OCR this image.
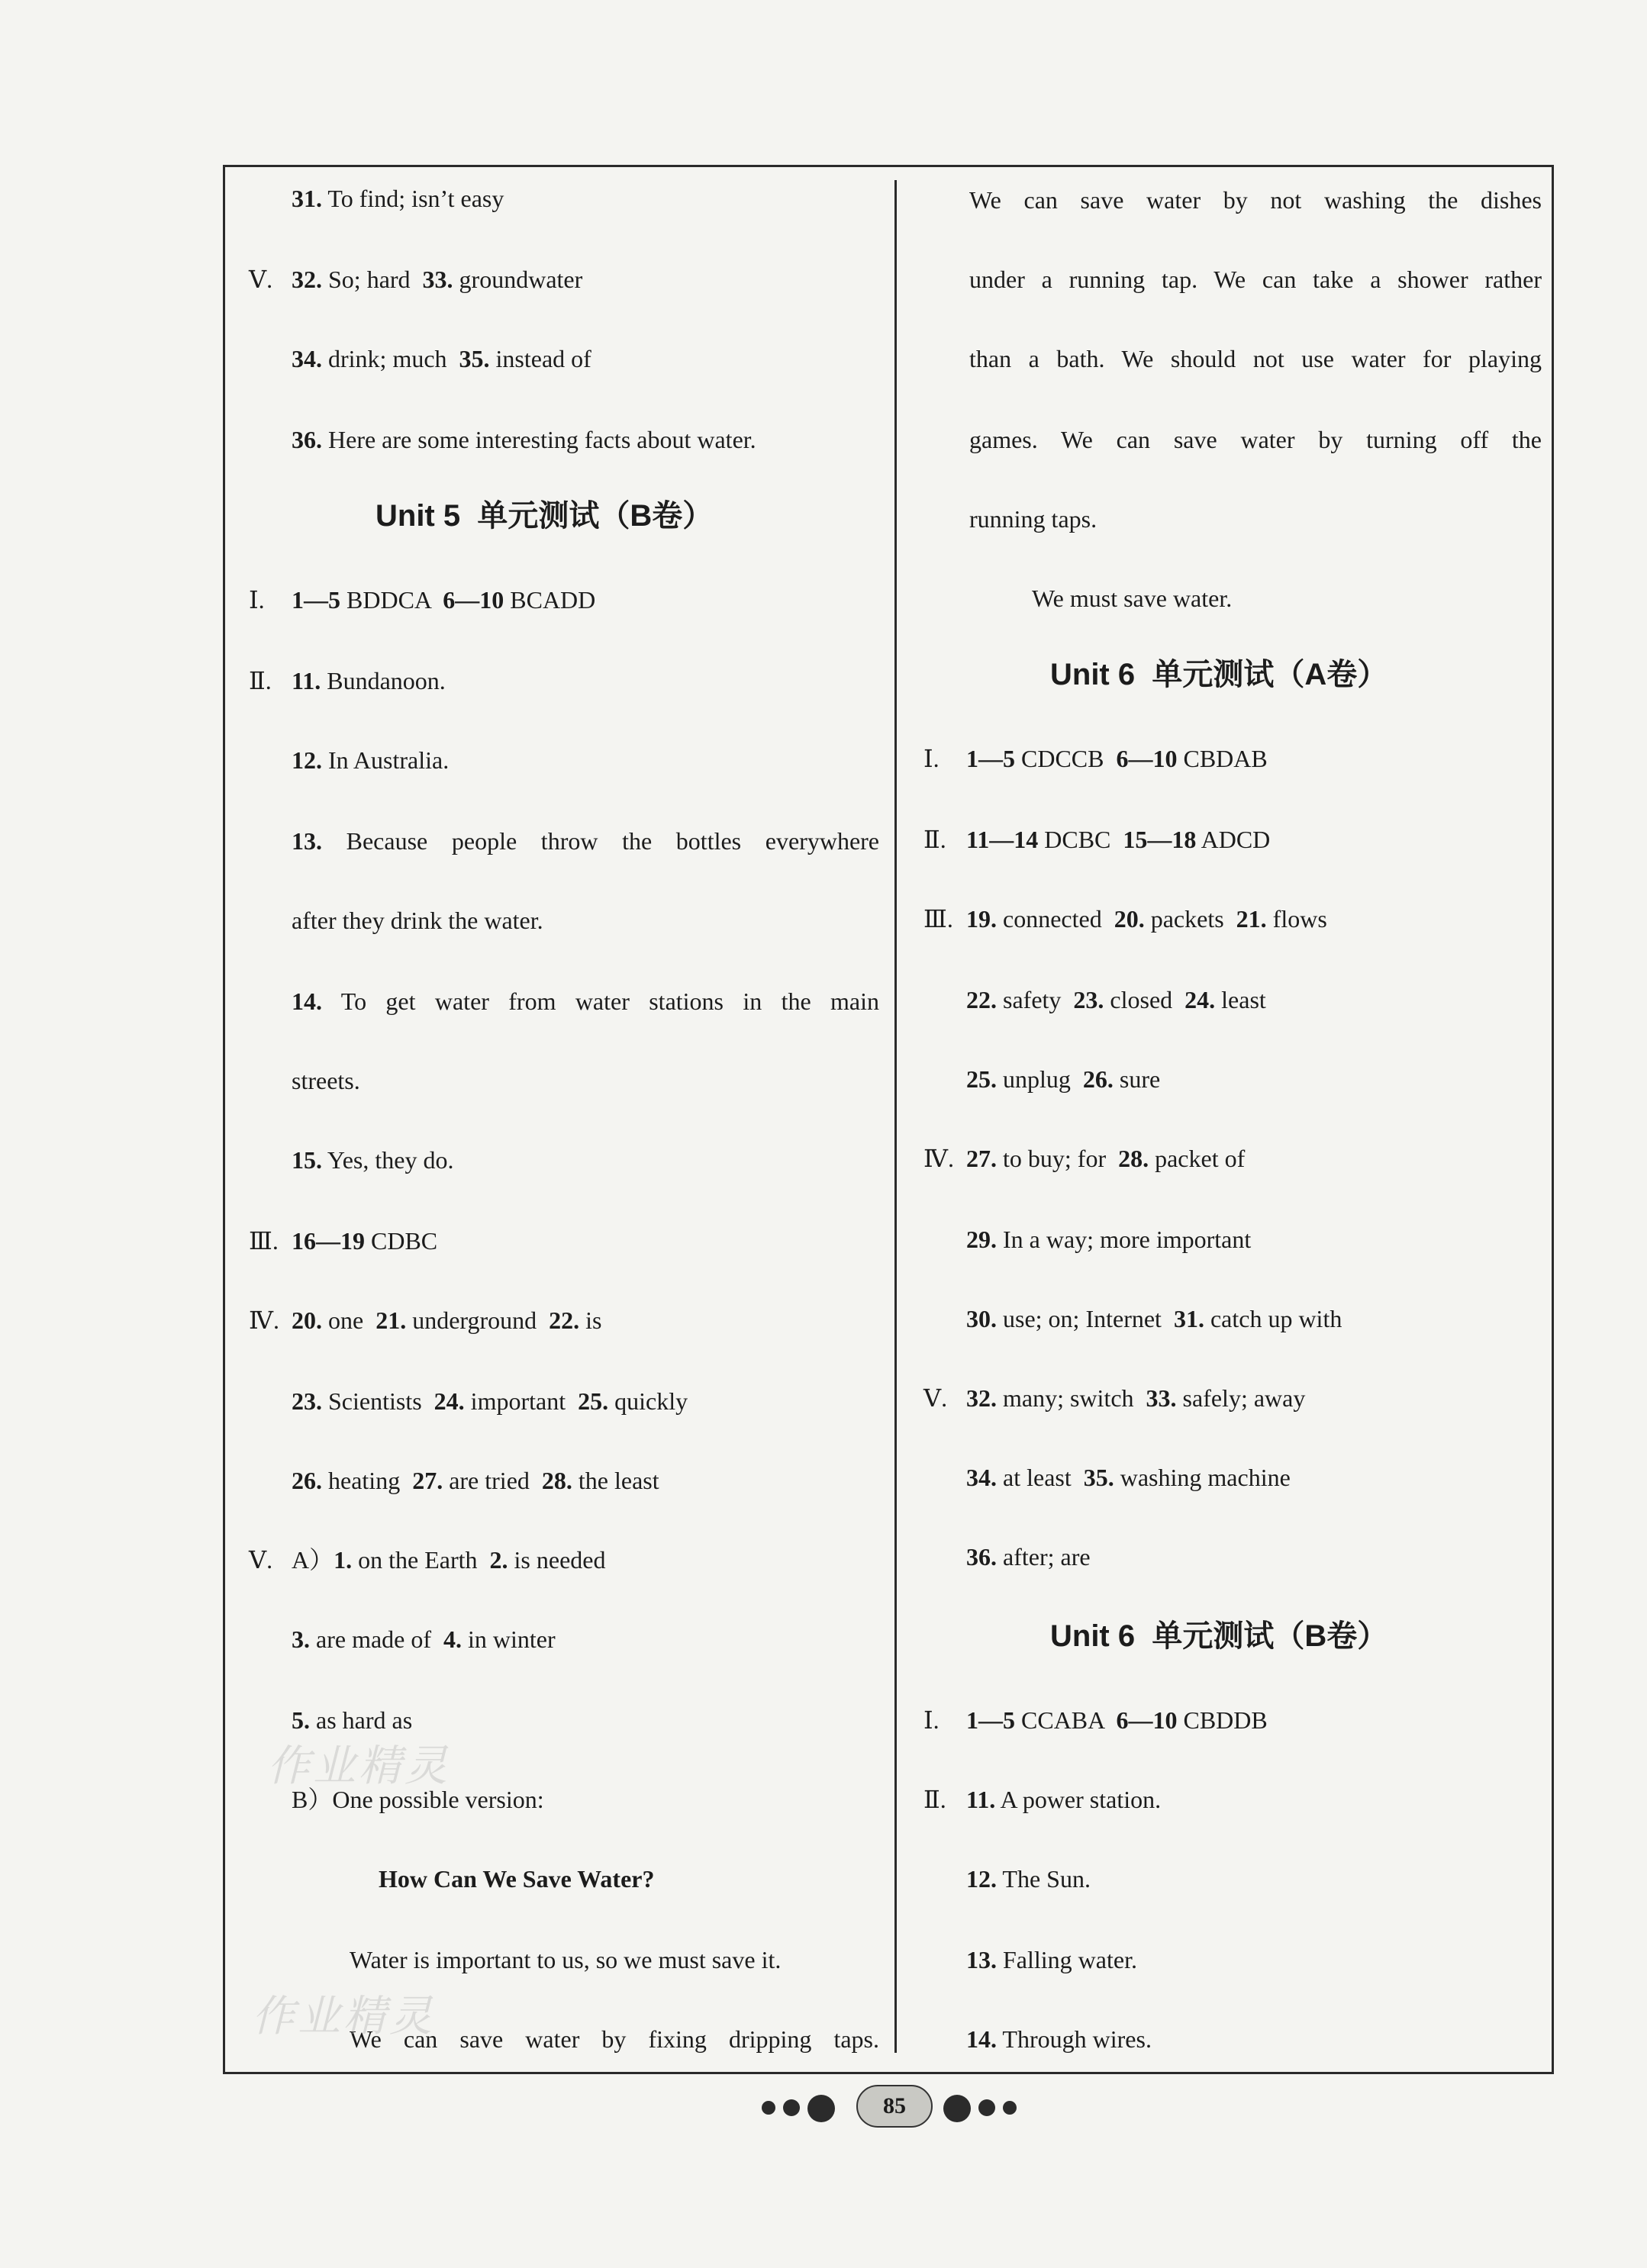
31. To find; isn’t easy
Ⅴ. 32. So; hard  33. groundwater
34. drink; much  35. instead of
36. Here are some interesting facts about water.
Unit 5  单元测试（B卷）
Ⅰ. 1—5 BDDCA  6—10 BCADD
Ⅱ. 11. Bundanoon.
12. In Australia.
13. Because people throw the bottles everywhere
after they drink the water.
14. To get water from water stations in the main
streets.
15. Yes, they do.
Ⅲ. 16—19 CDBC
Ⅳ. 20. one  21. underground  22. is
23. Scientists  24. important  25. quickly
26. heating  27. are tried  28. the least
Ⅴ. A）1. on the Earth  2. is needed
3. are made of  4. in winter
5. as hard as
B）One possible version:
How Can We Save Water?
Water is important to us, so we must save it.
We can save water by fixing dripping taps.
We can save water by not washing the dishes
under a running tap. We can take a shower rather
than a bath. We should not use water for playing
games. We can save water by turning off the
running taps.
We must save water.
Unit 6  单元测试（A卷）
Ⅰ. 1—5 CDCCB  6—10 CBDAB
Ⅱ. 11—14 DCBC  15—18 ADCD
Ⅲ. 19. connected  20. packets  21. flows
22. safety  23. closed  24. least
25. unplug  26. sure
Ⅳ. 27. to buy; for  28. packet of
29. In a way; more important
30. use; on; Internet  31. catch up with
Ⅴ. 32. many; switch  33. safely; away
34. at least  35. washing machine
36. after; are
Unit 6  单元测试（B卷）
Ⅰ. 1—5 CCABA  6—10 CBDDB
Ⅱ. 11. A power station.
12. The Sun.
13. Falling water.
14. Through wires.
作业精灵
作业精灵
85
